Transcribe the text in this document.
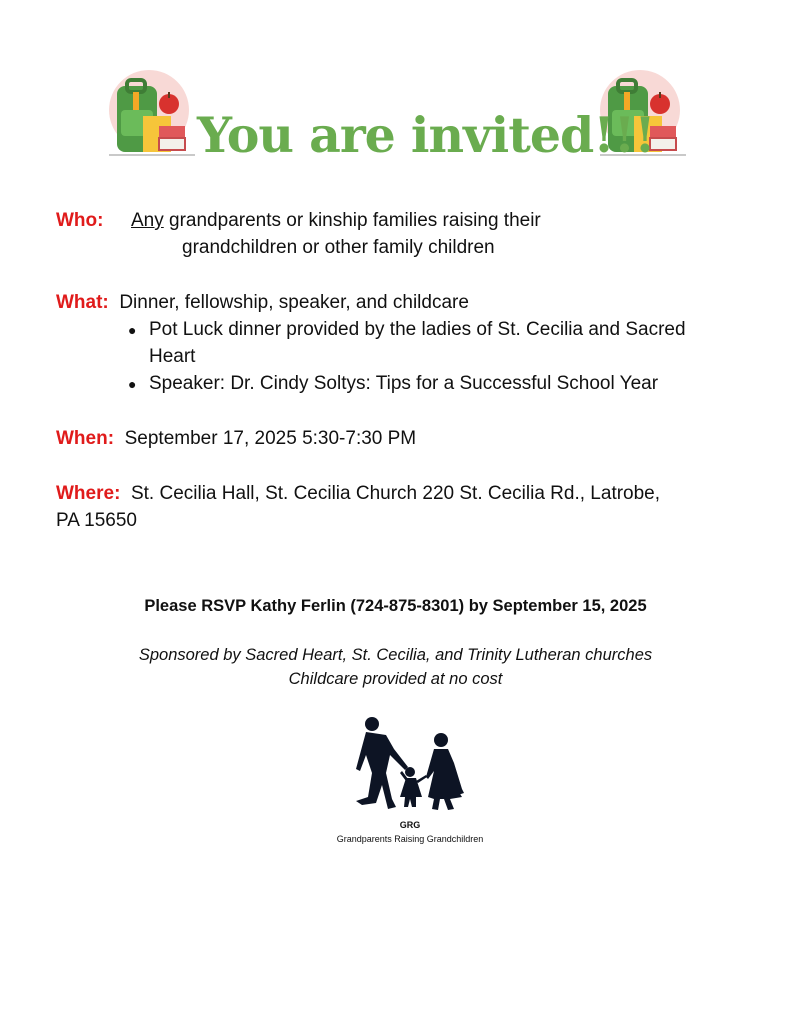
You are invited!!!
Who: Any grandparents or kinship families raising their
grandchildren or other family children
What: Dinner, fellowship, speaker, and childcare
● Pot Luck dinner provided by the ladies of St. Cecilia and Sacred
Heart
● Speaker: Dr. Cindy Soltys: Tips for a Successful School Year
When: September 17, 2025 5:30-7:30 PM
Where: St. Cecilia Hall, St. Cecilia Church 220 St. Cecilia Rd., Latrobe,
PA 15650
Please RSVP Kathy Ferlin (724-875-8301) by September 15, 2025
Sponsored by Sacred Heart, St. Cecilia, and Trinity Lutheran churches
Childcare provided at no cost
GRG
Grandparents Raising Grandchildren
